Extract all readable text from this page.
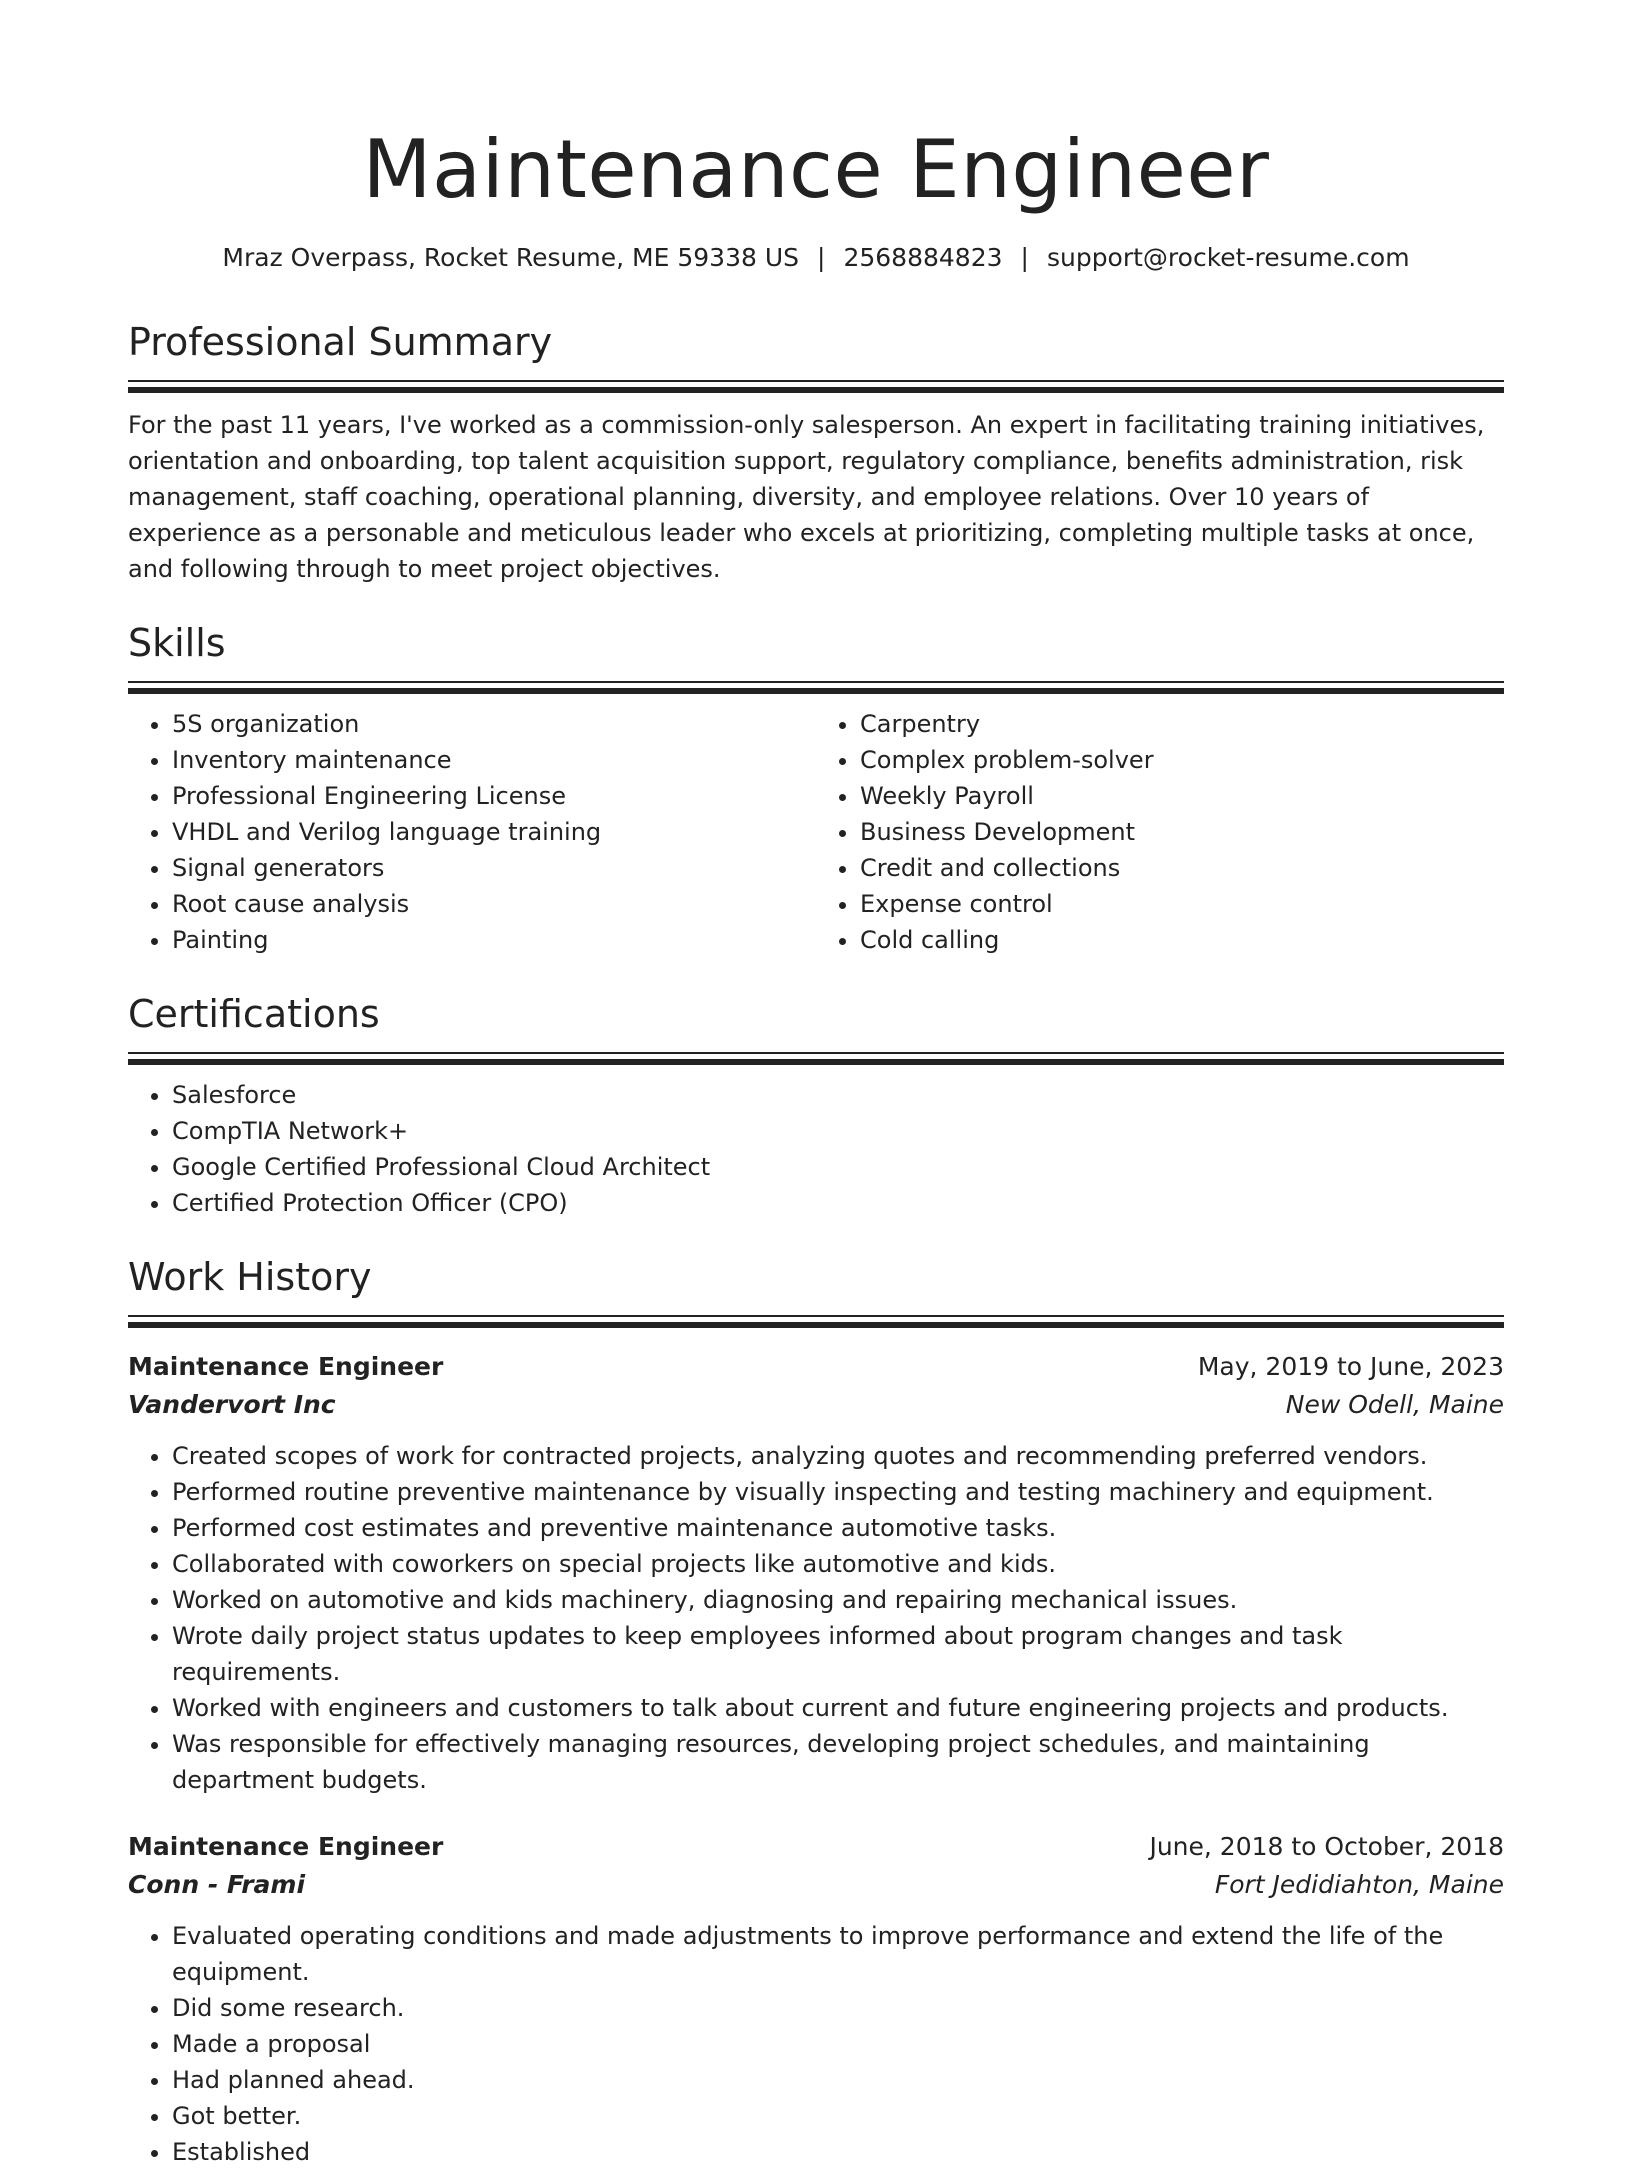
Maintenance Engineer
Mraz Overpass, Rocket Resume, ME 59338 US | 2568884823 | support@rocket-resume.com
Professional Summary

For the past 11 years, I've worked as a commission-only salesperson. An expert in facilitating training initiatives, orientation and onboarding, top talent acquisition support, regulatory compliance, benefits administration, risk management, staff coaching, operational planning, diversity, and employee relations. Over 10 years of experience as a personable and meticulous leader who excels at prioritizing, completing multiple tasks at once, and following through to meet project objectives.

Skills
• 5S organization
• Inventory maintenance
• Professional Engineering License
• VHDL and Verilog language training
• Signal generators
• Root cause analysis
• Painting
• Carpentry
• Complex problem-solver
• Weekly Payroll
• Business Development
• Credit and collections
• Expense control
• Cold calling
Certifications
• Salesforce
• CompTIA Network+
• Google Certified Professional Cloud Architect
• Certified Protection Officer (CPO)
Work History
Maintenance Engineer	May, 2019 to June, 2023
Vandervort Inc	New Odell, Maine
• Created scopes of work for contracted projects, analyzing quotes and recommending preferred vendors.
• Performed routine preventive maintenance by visually inspecting and testing machinery and equipment.
• Performed cost estimates and preventive maintenance automotive tasks.
• Collaborated with coworkers on special projects like automotive and kids.
• Worked on automotive and kids machinery, diagnosing and repairing mechanical issues.
• Wrote daily project status updates to keep employees informed about program changes and task requirements.
• Worked with engineers and customers to talk about current and future engineering projects and products.
• Was responsible for effectively managing resources, developing project schedules, and maintaining department budgets.
Maintenance Engineer	June, 2018 to October, 2018
Conn - Frami	Fort Jedidiahton, Maine
• Evaluated operating conditions and made adjustments to improve performance and extend the life of the equipment.
• Did some research.
• Made a proposal
• Had planned ahead.
• Got better.
• Established
